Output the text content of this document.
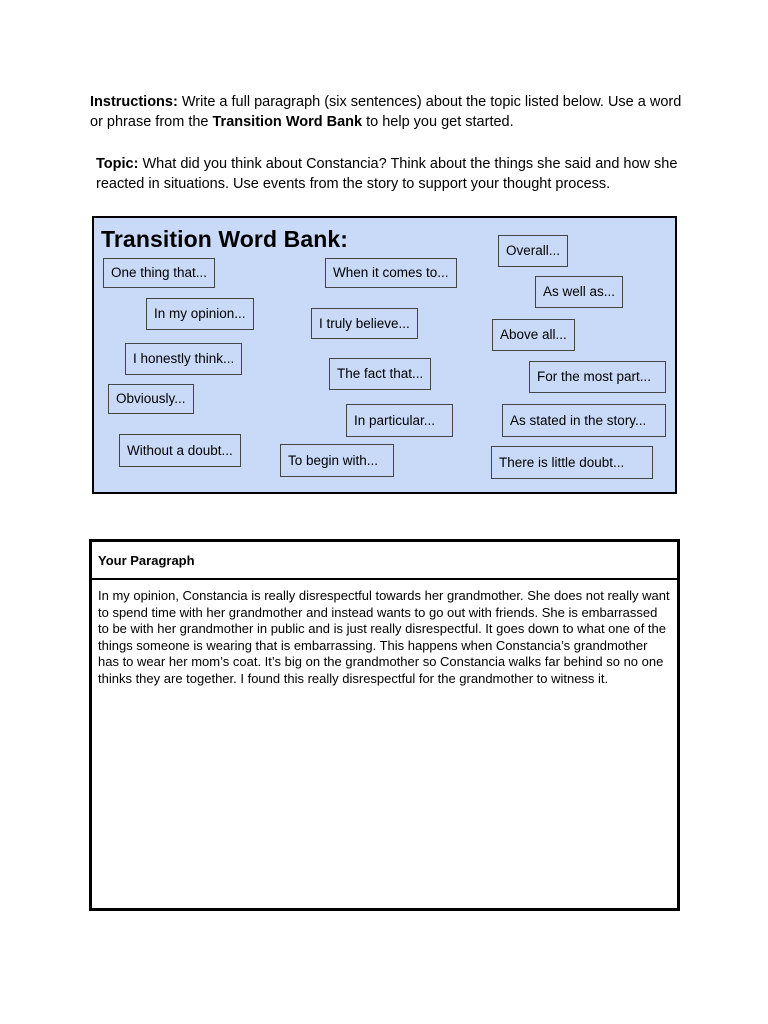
Instructions: Write a full paragraph (six sentences) about the topic listed below. Use a word or phrase from the Transition Word Bank to help you get started.
Topic: What did you think about Constancia? Think about the things she said and how she reacted in situations. Use events from the story to support your thought process.
Transition Word Bank:
One thing that...	When it comes to...
Overall...
As well as...
In my opinion...
I truly believe...
Above all...
I honestly think...
The fact that...	For the most part...
Obviously...
In particular...	As stated in the story...
Without a doubt...
To begin with...	There is little doubt...
Your Paragraph
In my opinion, Constancia is really disrespectful towards her grandmother. She does not really want to spend time with her grandmother and instead wants to go out with friends. She is embarrassed to be with her grandmother in public and is just really disrespectful. It goes down to what one of the things someone is wearing that is embarrassing. This happens when Constancia’s grandmother has to wear her mom’s coat. It’s big on the grandmother so Constancia walks far behind so no one thinks they are together. I found this really disrespectful for the grandmother to witness it.
